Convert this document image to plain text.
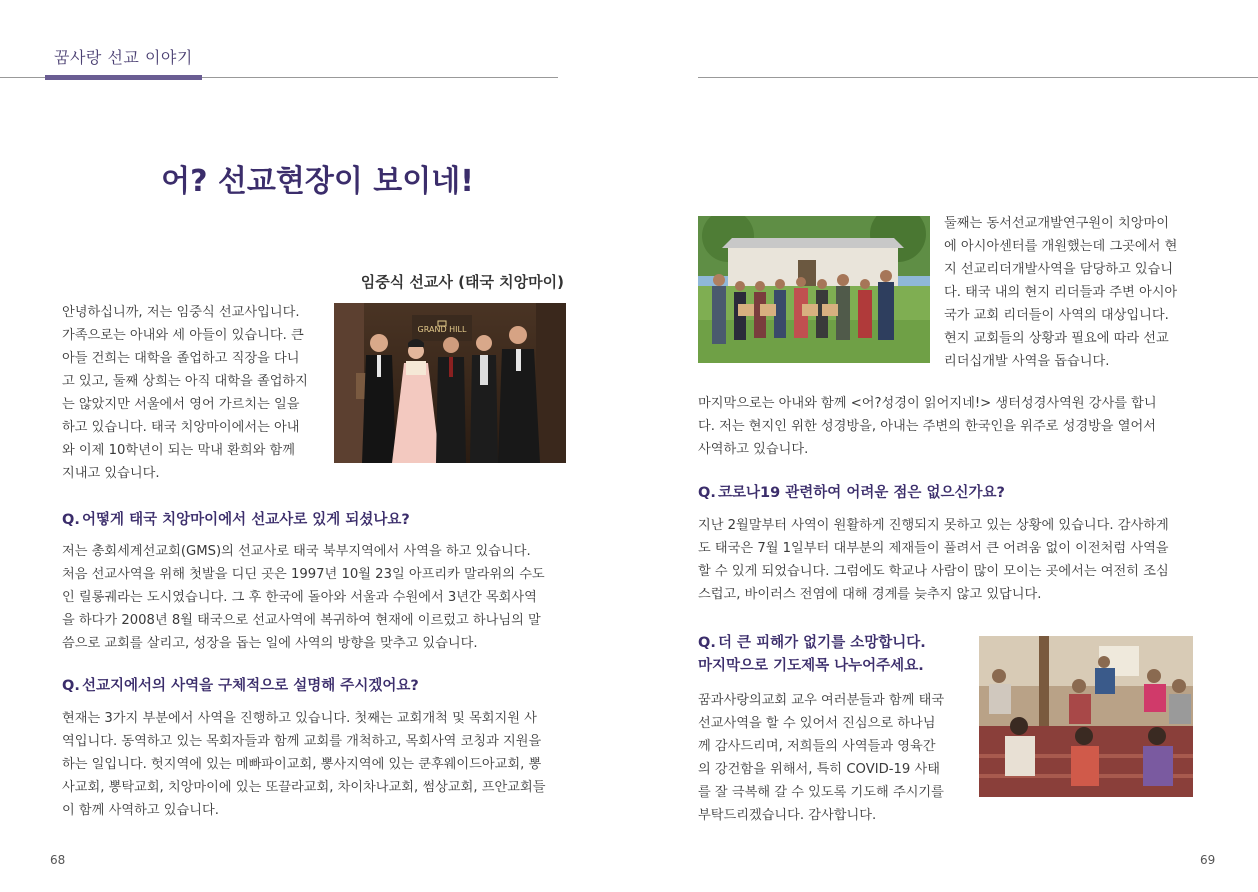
꿈사랑 선교 이야기
어? 선교현장이 보이네!
임중식 선교사 (태국 치앙마이)

안녕하십니까, 저는 임중식 선교사입니다.

가족으로는 아내와 세 아들이 있습니다. 큰

아들 건희는 대학을 졸업하고 직장을 다니

고 있고, 둘째 상희는 아직 대학을 졸업하지

는 않았지만 서울에서 영어 가르치는 일을

하고 있습니다. 태국 치앙마이에서는 아내

와 이제 10학년이 되는 막내 환희와 함께

지내고 있습니다.

GRAND HILL

Q. 어떻게 태국 치앙마이에서 선교사로 있게 되셨나요?

저는 총회세계선교회(GMS)의 선교사로 태국 북부지역에서 사역을 하고 있습니다.

처음 선교사역을 위해 첫발을 디딘 곳은 1997년 10월 23일 아프리카 말라위의 수도

인 릴롱궤라는 도시였습니다. 그 후 한국에 돌아와 서울과 수원에서 3년간 목회사역

을 하다가 2008년 8월 태국으로 선교사역에 복귀하여 현재에 이르렀고 하나님의 말

씀으로 교회를 살리고, 성장을 돕는 일에 사역의 방향을 맞추고 있습니다.

Q. 선교지에서의 사역을 구체적으로 설명해 주시겠어요?

현재는 3가지 부분에서 사역을 진행하고 있습니다. 첫째는 교회개척 및 목회지원 사

역입니다. 동역하고 있는 목회자들과 함께 교회를 개척하고, 목회사역 코칭과 지원을

하는 일입니다. 헛지역에 있는 메빠파이교회, 뽕사지역에 있는 쿤후웨이드아교회, 뽕

사교회, 뽕탁교회, 치앙마이에 있는 또끌라교회, 차이차나교회, 썸상교회, 프안교회들

이 함께 사역하고 있습니다.

둘째는 동서선교개발연구원이 치앙마이

에 아시아센터를 개원했는데 그곳에서 현

지 선교리더개발사역을 담당하고 있습니

다. 태국 내의 현지 리더들과 주변 아시아

국가 교회 리더들이 사역의 대상입니다.

현지 교회들의 상황과 필요에 따라 선교

리더십개발 사역을 돕습니다.

마지막으로는 아내와 함께 <어?성경이 읽어지네!> 생터성경사역원 강사를 합니

다. 저는 현지인 위한 성경방을, 아내는 주변의 한국인을 위주로 성경방을 열어서

사역하고 있습니다.

Q. 코로나19 관련하여 어려운 점은 없으신가요?

지난 2월말부터 사역이 원활하게 진행되지 못하고 있는 상황에 있습니다. 감사하게

도 태국은 7월 1일부터 대부분의 제재들이 풀려서 큰 어려움 없이 이전처럼 사역을

할 수 있게 되었습니다. 그럼에도 학교나 사람이 많이 모이는 곳에서는 여전히 조심

스럽고, 바이러스 전염에 대해 경계를 늦추지 않고 있답니다.

Q. 더 큰 피해가 없기를 소망합니다.

마지막으로 기도제목 나누어주세요.

꿈과사랑의교회 교우 여러분들과 함께 태국

선교사역을 할 수 있어서 진심으로 하나님

께 감사드리며, 저희들의 사역들과 영육간

의 강건함을 위해서, 특히 COVID-19 사태

를 잘 극복해 갈 수 있도록 기도해 주시기를

부탁드리겠습니다. 감사합니다.

68	69
